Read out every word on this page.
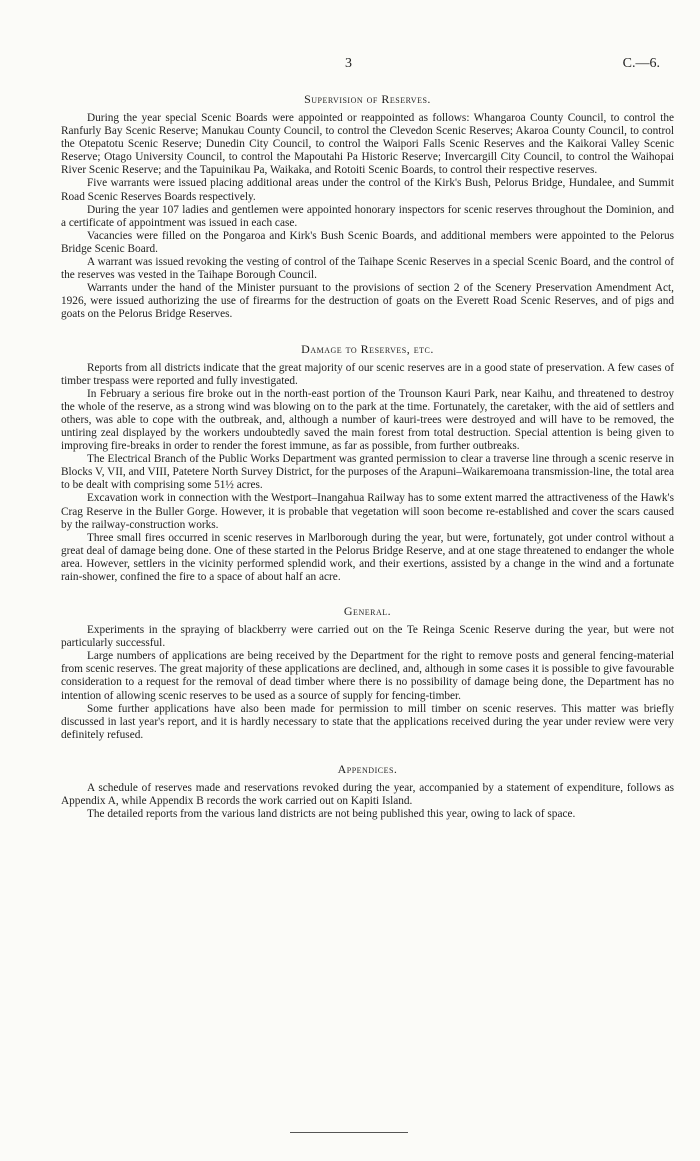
3	C.—6.
Supervision of Reserves.

During the year special Scenic Boards were appointed or reappointed as follows: Whangaroa County Council, to control the Ranfurly Bay Scenic Reserve; Manukau County Council, to control the Clevedon Scenic Reserves; Akaroa County Council, to control the Otepatotu Scenic Reserve; Dunedin City Council, to control the Waipori Falls Scenic Reserves and the Kaikorai Valley Scenic Reserve; Otago University Council, to control the Mapoutahi Pa Historic Reserve; Invercargill City Council, to control the Waihopai River Scenic Reserve; and the Tapuinikau Pa, Waikaka, and Rotoiti Scenic Boards, to control their respective reserves.

Five warrants were issued placing additional areas under the control of the Kirk's Bush, Pelorus Bridge, Hundalee, and Summit Road Scenic Reserves Boards respectively.

During the year 107 ladies and gentlemen were appointed honorary inspectors for scenic reserves throughout the Dominion, and a certificate of appointment was issued in each case.

Vacancies were filled on the Pongaroa and Kirk's Bush Scenic Boards, and additional members were appointed to the Pelorus Bridge Scenic Board.

A warrant was issued revoking the vesting of control of the Taihape Scenic Reserves in a special Scenic Board, and the control of the reserves was vested in the Taihape Borough Council.

Warrants under the hand of the Minister pursuant to the provisions of section 2 of the Scenery Preservation Amendment Act, 1926, were issued authorizing the use of firearms for the destruction of goats on the Everett Road Scenic Reserves, and of pigs and goats on the Pelorus Bridge Reserves.

Damage to Reserves, etc.

Reports from all districts indicate that the great majority of our scenic reserves are in a good state of preservation. A few cases of timber trespass were reported and fully investigated.

In February a serious fire broke out in the north-east portion of the Trounson Kauri Park, near Kaihu, and threatened to destroy the whole of the reserve, as a strong wind was blowing on to the park at the time. Fortunately, the caretaker, with the aid of settlers and others, was able to cope with the outbreak, and, although a number of kauri-trees were destroyed and will have to be removed, the untiring zeal displayed by the workers undoubtedly saved the main forest from total destruction. Special attention is being given to improving fire-breaks in order to render the forest immune, as far as possible, from further outbreaks.

The Electrical Branch of the Public Works Department was granted permission to clear a traverse line through a scenic reserve in Blocks V, VII, and VIII, Patetere North Survey District, for the purposes of the Arapuni–Waikaremoana transmission-line, the total area to be dealt with comprising some 51½ acres.

Excavation work in connection with the Westport–Inangahua Railway has to some extent marred the attractiveness of the Hawk's Crag Reserve in the Buller Gorge. However, it is probable that vegetation will soon become re-established and cover the scars caused by the railway-construction works.

Three small fires occurred in scenic reserves in Marlborough during the year, but were, fortunately, got under control without a great deal of damage being done. One of these started in the Pelorus Bridge Reserve, and at one stage threatened to endanger the whole area. However, settlers in the vicinity performed splendid work, and their exertions, assisted by a change in the wind and a fortunate rain-shower, confined the fire to a space of about half an acre.

General.

Experiments in the spraying of blackberry were carried out on the Te Reinga Scenic Reserve during the year, but were not particularly successful.

Large numbers of applications are being received by the Department for the right to remove posts and general fencing-material from scenic reserves. The great majority of these applications are declined, and, although in some cases it is possible to give favourable consideration to a request for the removal of dead timber where there is no possibility of damage being done, the Department has no intention of allowing scenic reserves to be used as a source of supply for fencing-timber.

Some further applications have also been made for permission to mill timber on scenic reserves. This matter was briefly discussed in last year's report, and it is hardly necessary to state that the applications received during the year under review were very definitely refused.

Appendices.

A schedule of reserves made and reservations revoked during the year, accompanied by a statement of expenditure, follows as Appendix A, while Appendix B records the work carried out on Kapiti Island.

The detailed reports from the various land districts are not being published this year, owing to lack of space.
